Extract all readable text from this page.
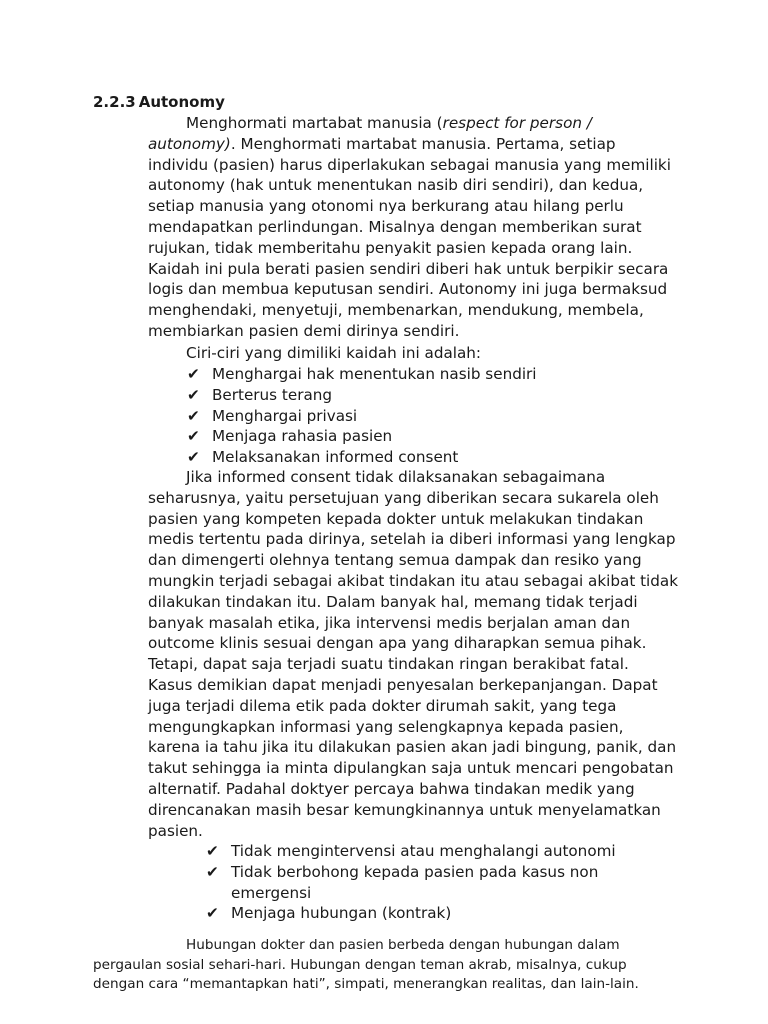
2.2.3 Autonomy

Menghormati martabat manusia (respect for person / autonomy). Menghormati martabat manusia. Pertama, setiap individu (pasien) harus diperlakukan sebagai manusia yang memiliki autonomy (hak untuk menentukan nasib diri sendiri), dan kedua, setiap manusia yang otonomi nya berkurang atau hilang perlu mendapatkan perlindungan. Misalnya dengan memberikan surat rujukan, tidak memberitahu penyakit pasien kepada orang lain. Kaidah ini pula berati pasien sendiri diberi hak untuk berpikir secara logis dan membua keputusan sendiri. Autonomy ini juga bermaksud menghendaki, menyetuji, membenarkan, mendukung, membela, membiarkan pasien demi dirinya sendiri.

Ciri-ciri yang dimiliki kaidah ini adalah:

✔ Menghargai hak menentukan nasib sendiri
✔ Berterus terang
✔ Menghargai privasi
✔ Menjaga rahasia pasien
✔ Melaksanakan informed consent

Jika informed consent tidak dilaksanakan sebagaimana seharusnya, yaitu persetujuan yang diberikan secara sukarela oleh pasien yang kompeten kepada dokter untuk melakukan tindakan medis tertentu pada dirinya, setelah ia diberi informasi yang lengkap dan dimengerti olehnya tentang semua dampak dan resiko yang mungkin terjadi sebagai akibat tindakan itu atau sebagai akibat tidak dilakukan tindakan itu. Dalam banyak hal, memang tidak terjadi banyak masalah etika, jika intervensi medis berjalan aman dan outcome klinis sesuai dengan apa yang diharapkan semua pihak. Tetapi, dapat saja terjadi suatu tindakan ringan berakibat fatal. Kasus demikian dapat menjadi penyesalan berkepanjangan. Dapat juga terjadi dilema etik pada dokter dirumah sakit, yang tega mengungkapkan informasi yang selengkapnya kepada pasien, karena ia tahu jika itu dilakukan pasien akan jadi bingung, panik, dan takut sehingga ia minta dipulangkan saja untuk mencari pengobatan alternatif. Padahal doktyer percaya bahwa tindakan medik yang direncanakan masih besar kemungkinannya untuk menyelamatkan pasien.

✔ Tidak mengintervensi atau menghalangi autonomi
✔ Tidak berbohong kepada pasien pada kasus non emergensi
✔ Menjaga hubungan (kontrak)

Hubungan dokter dan pasien berbeda dengan hubungan dalam pergaulan sosial sehari-hari. Hubungan dengan teman akrab, misalnya, cukup dengan cara “memantapkan hati”, simpati, menerangkan realitas, dan lain-lain.
